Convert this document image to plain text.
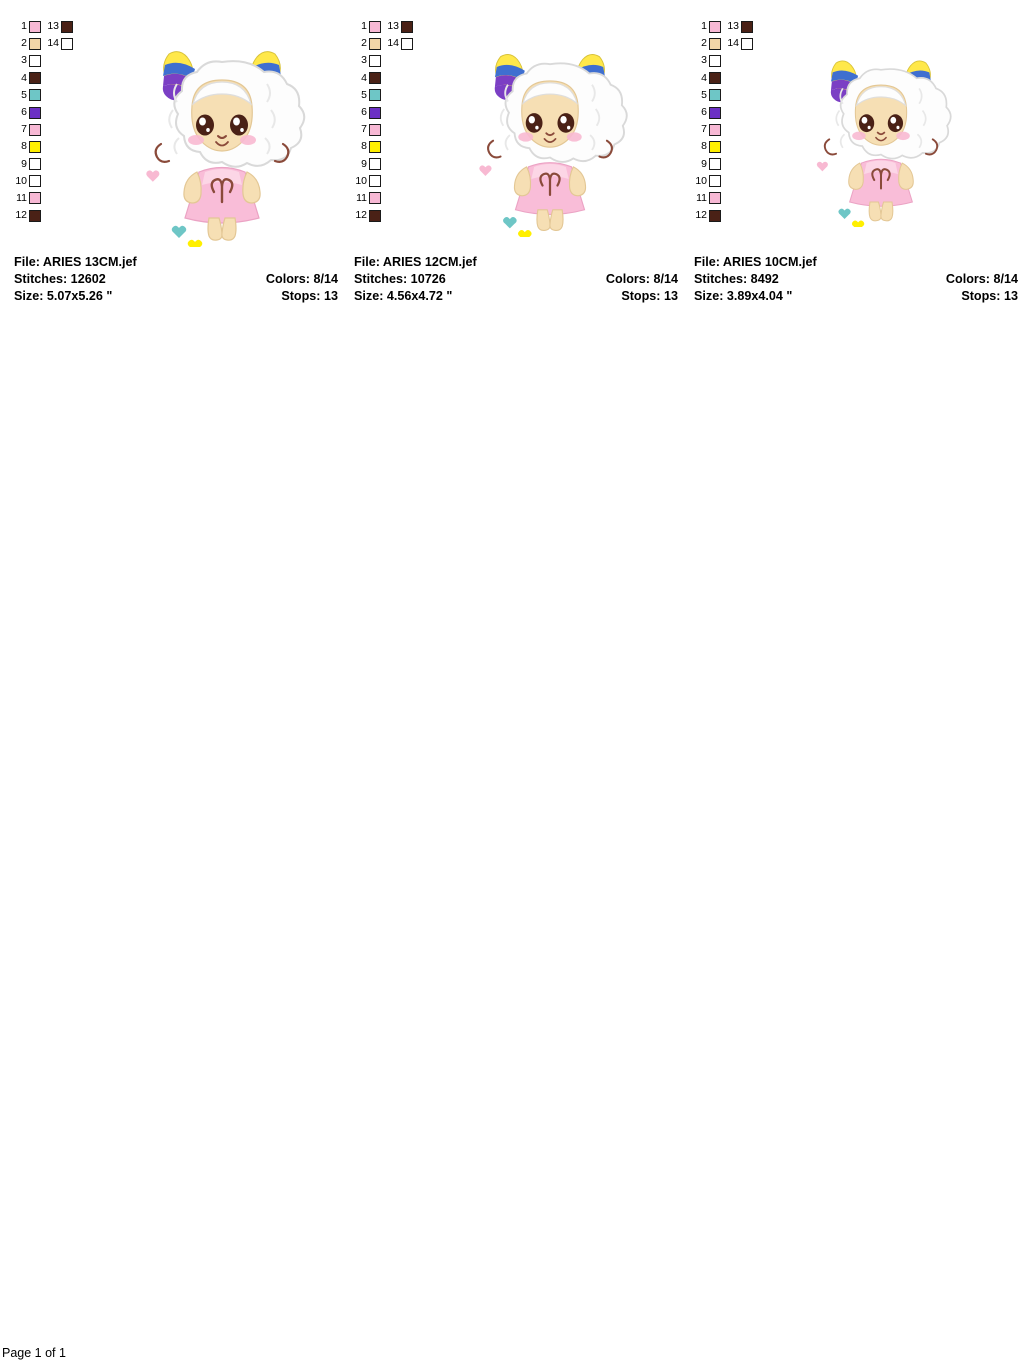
1	13
2	14
3
4
5
6
7
8
9
10
11
12
File: ARIES 13CM.jef
Stitches: 12602
Size: 5.07x5.26 "
Colors: 8/14
Stops: 13
1	13
2	14
3
4
5
6
7
8
9
10
11
12
File: ARIES 12CM.jef
Stitches: 10726
Size: 4.56x4.72 "
Colors: 8/14
Stops: 13
1	13
2	14
3
4
5
6
7
8
9
10
11
12
File: ARIES 10CM.jef
Stitches: 8492
Size: 3.89x4.04 "
Colors: 8/14
Stops: 13
Page 1 of 1
